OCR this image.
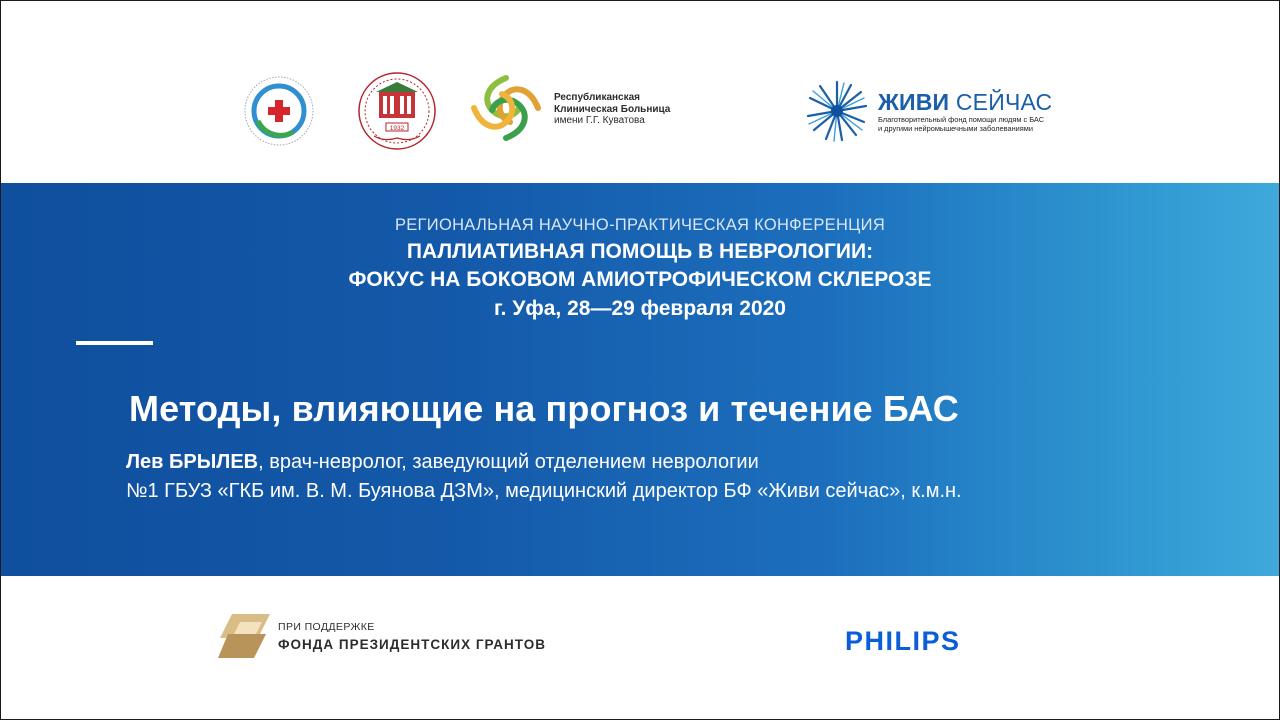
1932
Республиканская
Клиническая Больница
имени Г.Г. Куватова
ЖИВИ СЕЙЧАС
Благотворительный фонд помощи людям с БАС
и другими нейромышечными заболеваниями
РЕГИОНАЛЬНАЯ НАУЧНО-ПРАКТИЧЕСКАЯ КОНФЕРЕНЦИЯ
ПАЛЛИАТИВНАЯ ПОМОЩЬ В НЕВРОЛОГИИ:
ФОКУС НА БОКОВОМ АМИОТРОФИЧЕСКОМ СКЛЕРОЗЕ
г. Уфа, 28—29 февраля 2020
Методы, влияющие на прогноз и течение БАС
Лев БРЫЛЕВ, врач-невролог, заведующий отделением неврологии
№1 ГБУЗ «ГКБ им. В. М. Буянова ДЗМ», медицинский директор БФ «Живи сейчас», к.м.н.
ПРИ ПОДДЕРЖКЕ
ФОНДА ПРЕЗИДЕНТСКИХ ГРАНТОВ	PHILIPS
